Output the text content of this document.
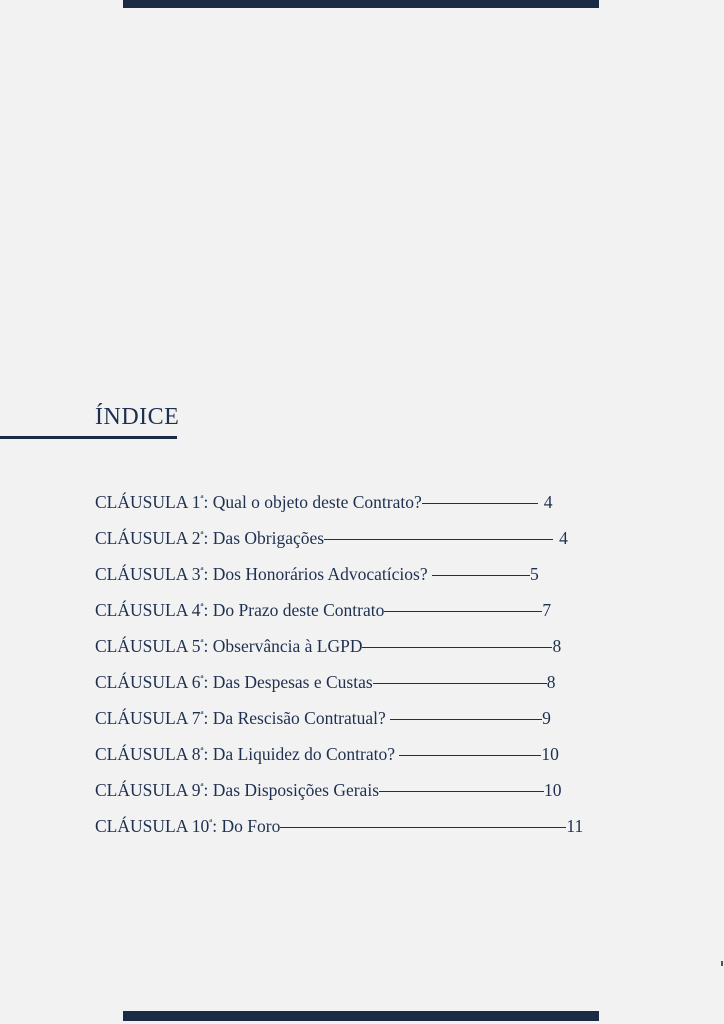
ÍNDICE
CLÁUSULA $1^ª$: Qual o objeto deste Contrato?	4
CLÁUSULA $2^ª$: Das Obrigações	4
CLÁUSULA $3^ª$: Dos Honorários Advocatícios?	5
CLÁUSULA $4^ª$: Do Prazo deste Contrato	7
CLÁUSULA $5^ª$: Observância à LGPD	8
CLÁUSULA $6^ª$: Das Despesas e Custas	8
CLÁUSULA $7^ª$: Da Rescisão Contratual?	9
CLÁUSULA $8^ª$: Da Liquidez do Contrato?	10
CLÁUSULA $9^ª$: Das Disposições Gerais	10
CLÁUSULA $10^ª$: Do Foro	11
